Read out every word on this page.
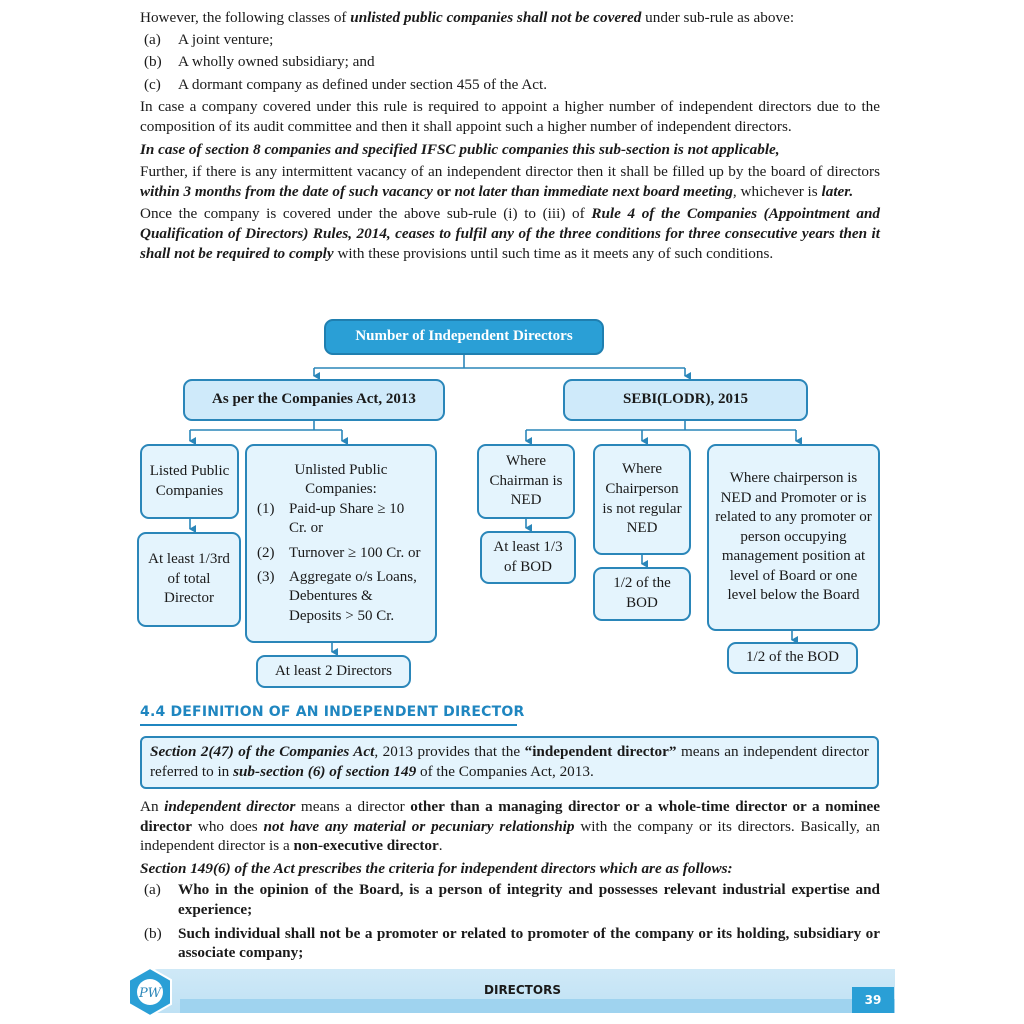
However, the following classes of unlisted public companies shall not be covered under sub-rule as above:

(a)	A joint venture;
(b)	A wholly owned subsidiary; and
(c)	A dormant company as defined under section 455 of the Act.

In case a company covered under this rule is required to appoint a higher number of independent directors due to the composition of its audit committee and then it shall appoint such a higher number of independent directors.

In case of section 8 companies and specified IFSC public companies this sub-section is not applicable,

Further, if there is any intermittent vacancy of an independent director then it shall be filled up by the board of directors within 3 months from the date of such vacancy or not later than immediate next board meeting, whichever is later.

Once the company is covered under the above sub-rule (i) to (iii) of Rule 4 of the Companies (Appointment and Qualification of Directors) Rules, 2014, ceases to fulfil any of the three conditions for three consecutive years then it shall not be required to comply with these provisions until such time as it meets any of such conditions.

Number of Independent Directors
As per the Companies Act, 2013	SEBI(LODR), 2015
Listed Public Companies
At least 1/3rd of total Director
Unlisted Public Companies:
(1) Paid-up Share ≥ 10 Cr. or
(2) Turnover ≥ 100 Cr. or
(3) Aggregate o/s Loans, Debentures & Deposits > 50 Cr.
At least 2 Directors
Where Chairman is NED
At least 1/3 of BOD
Where Chairperson is not regular NED
1/2 of the BOD
Where chairperson is NED and Promoter or is related to any promoter or person occupying management position at level of Board or one level below the Board
1/2 of the BOD
4.4 DEFINITION OF AN INDEPENDENT DIRECTOR
Section 2(47) of the Companies Act, 2013 provides that the “independent director” means an independent director referred to in sub-section (6) of section 149 of the Companies Act, 2013.

An independent director means a director other than a managing director or a whole-time director or a nominee director who does not have any material or pecuniary relationship with the company or its directors. Basically, an independent director is a non-executive director.

Section 149(6) of the Act prescribes the criteria for independent directors which are as follows:

(a)	Who in the opinion of the Board, is a person of integrity and possesses relevant industrial expertise and experience;
(b)	Such individual shall not be a promoter or related to promoter of the company or its holding, subsidiary or associate company;
DIRECTORS
39
PW
